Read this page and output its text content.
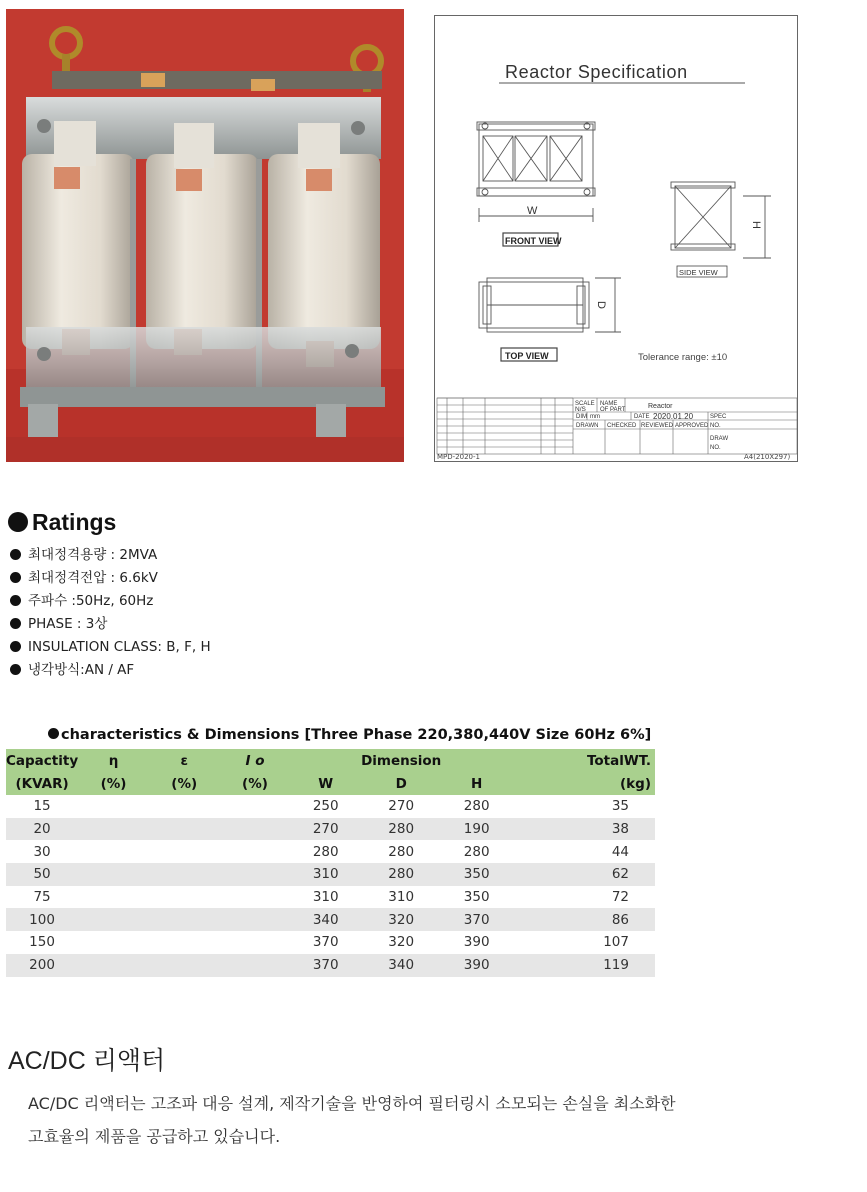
Reactor Specification
W
FRONT VIEW
H
SIDE VIEW
D
TOP VIEW	Tolerance range: ±10
SCALE
N/S
NAME
OF PART	Reactor
DIM mm	DATE 2020.01.20	SPEC
NO.
DRAWN CHECKED REVIEWED APPROVED
DRAW
NO.
MPD-2020-1	A4(210X297)
Ratings
최대정격용량 : 2MVA
최대정격전압 : 6.6kV
주파수 :50Hz, 60Hz
PHASE : 3상
INSULATION CLASS: B, F, H
냉각방식:AN / AF
characteristics & Dimensions [Three Phase 220,380,440V Size 60Hz 6%]
Capactity	η	ε	I o		Dimension			TotalWT.
(KVAR)	(%)	(%)	(%)	W	D	H		(kg)
15				250	270	280		35
20				270	280	190		38
30				280	280	280		44
50				310	280	350		62
75				310	310	350		72
100				340	320	370		86
150				370	320	390		107
200				370	340	390		119
AC/DC 리액터
AC/DC 리액터는 고조파 대응 설계, 제작기술을 반영하여 필터링시 소모되는 손실을 최소화한
고효율의 제품을 공급하고 있습니다.
